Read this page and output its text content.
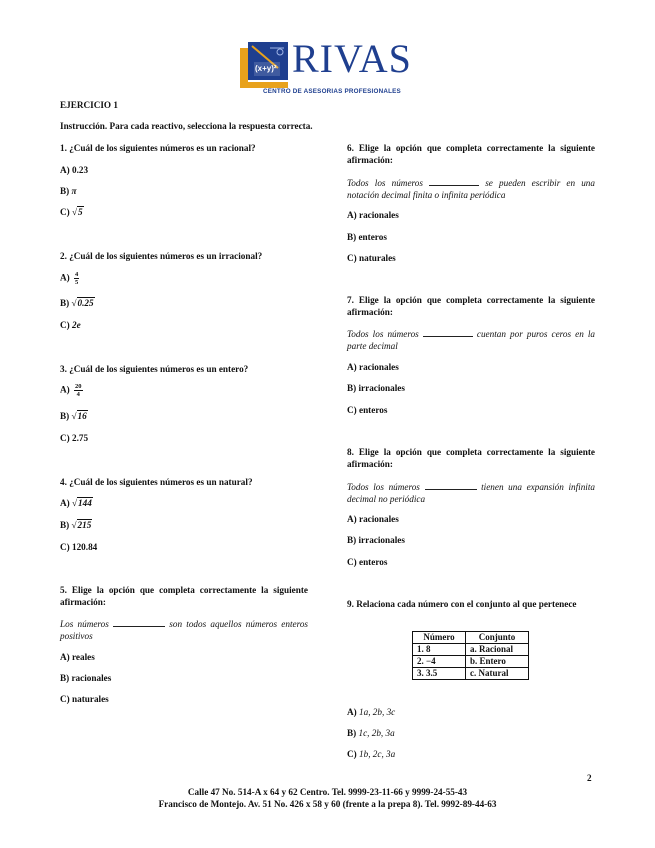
(x+y)² RIVAS
CENTRO DE ASESORIAS PROFESIONALES
EJERCICIO 1
Instrucción. Para cada reactivo, selecciona la respuesta correcta.
1. ¿Cuál de los siguientes números es un racional?
A) 0.23
B) π
C) √5
2. ¿Cuál de los siguientes números es un irracional?
$A) \frac{4}{5}$
B) √0.25
C) 2e
3. ¿Cuál de los siguientes números es un entero?
$A) \frac{20}{4}$
B) √16
C) 2.75
4. ¿Cuál de los siguientes números es un natural?
A) √144
B) √215
C) 120.84
5. Elige la opción que completa correctamente la siguiente afirmación:
Los números	son todos aquellos números enteros positivos
A) reales
B) racionales
C) naturales
6. Elige la opción que completa correctamente la siguiente afirmación:
Todos los números	se pueden escribir en una notación decimal finita o infinita periódica
A) racionales
B) enteros
C) naturales
7. Elige la opción que completa correctamente la siguiente afirmación:
Todos los números	cuentan por puros ceros en la parte decimal
A) racionales
B) irracionales
C) enteros
8. Elige la opción que completa correctamente la siguiente afirmación:
Todos los números	tienen una expansión infinita decimal no periódica
A) racionales
B) irracionales
C) enteros
9. Relaciona cada número con el conjunto al que pertenece
Número	Conjunto
1. 8	a. Racional
2. −4	b. Entero
3. 3.5	c. Natural
A) 1a, 2b, 3c
B) 1c, 2b, 3a
C) 1b, 2c, 3a
2
Calle 47 No. 514-A x 64 y 62 Centro. Tel. 9999-23-11-66 y 9999-24-55-43
Francisco de Montejo. Av. 51 No. 426 x 58 y 60 (frente a la prepa 8). Tel. 9992-89-44-63
